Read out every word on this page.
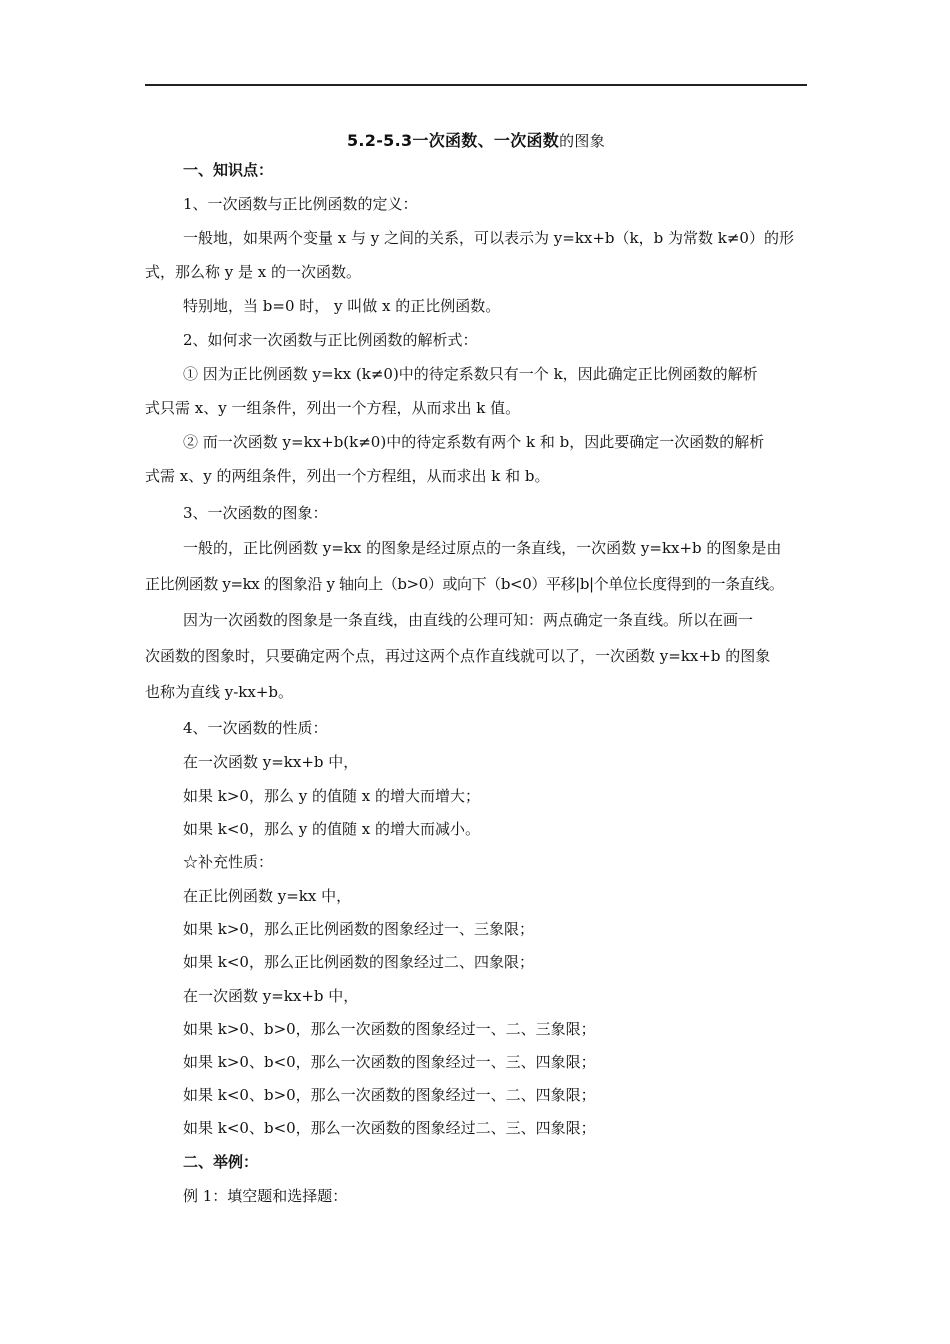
5.2-5.3一次函数、一次函数的图象
一、知识点：
1、一次函数与正比例函数的定义：
一般地，如果两个变量 x 与 y 之间的关系，可以表示为 y=kx+b（k，b 为常数 k≠0）的形
式，那么称 y 是 x 的一次函数。
特别地，当 b=0 时， y 叫做 x 的正比例函数。
2、如何求一次函数与正比例函数的解析式：
① 因为正比例函数 y=kx (k≠0)中的待定系数只有一个 k，因此确定正比例函数的解析
式只需 x、y 一组条件，列出一个方程，从而求出 k 值。
② 而一次函数 y=kx+b(k≠0)中的待定系数有两个 k 和 b，因此要确定一次函数的解析
式需 x、y 的两组条件，列出一个方程组，从而求出 k 和 b。
3、一次函数的图象：
一般的，正比例函数 y=kx 的图象是经过原点的一条直线，一次函数 y=kx+b 的图象是由
正比例函数 y=kx 的图象沿 y 轴向上（b>0）或向下（b<0）平移|b|个单位长度得到的一条直线。
因为一次函数的图象是一条直线，由直线的公理可知：两点确定一条直线。所以在画一
次函数的图象时，只要确定两个点，再过这两个点作直线就可以了，一次函数 y=kx+b 的图象
也称为直线 y-kx+b。
4、一次函数的性质：
在一次函数 y=kx+b 中，
如果 k>0，那么 y 的值随 x 的增大而增大；
如果 k<0，那么 y 的值随 x 的增大而减小。
☆补充性质：
在正比例函数 y=kx 中，
如果 k>0，那么正比例函数的图象经过一、三象限；
如果 k<0，那么正比例函数的图象经过二、四象限；
在一次函数 y=kx+b 中，
如果 k>0、b>0，那么一次函数的图象经过一、二、三象限；
如果 k>0、b<0，那么一次函数的图象经过一、三、四象限；
如果 k<0、b>0，那么一次函数的图象经过一、二、四象限；
如果 k<0、b<0，那么一次函数的图象经过二、三、四象限；
二、举例：
例 1：填空题和选择题：
